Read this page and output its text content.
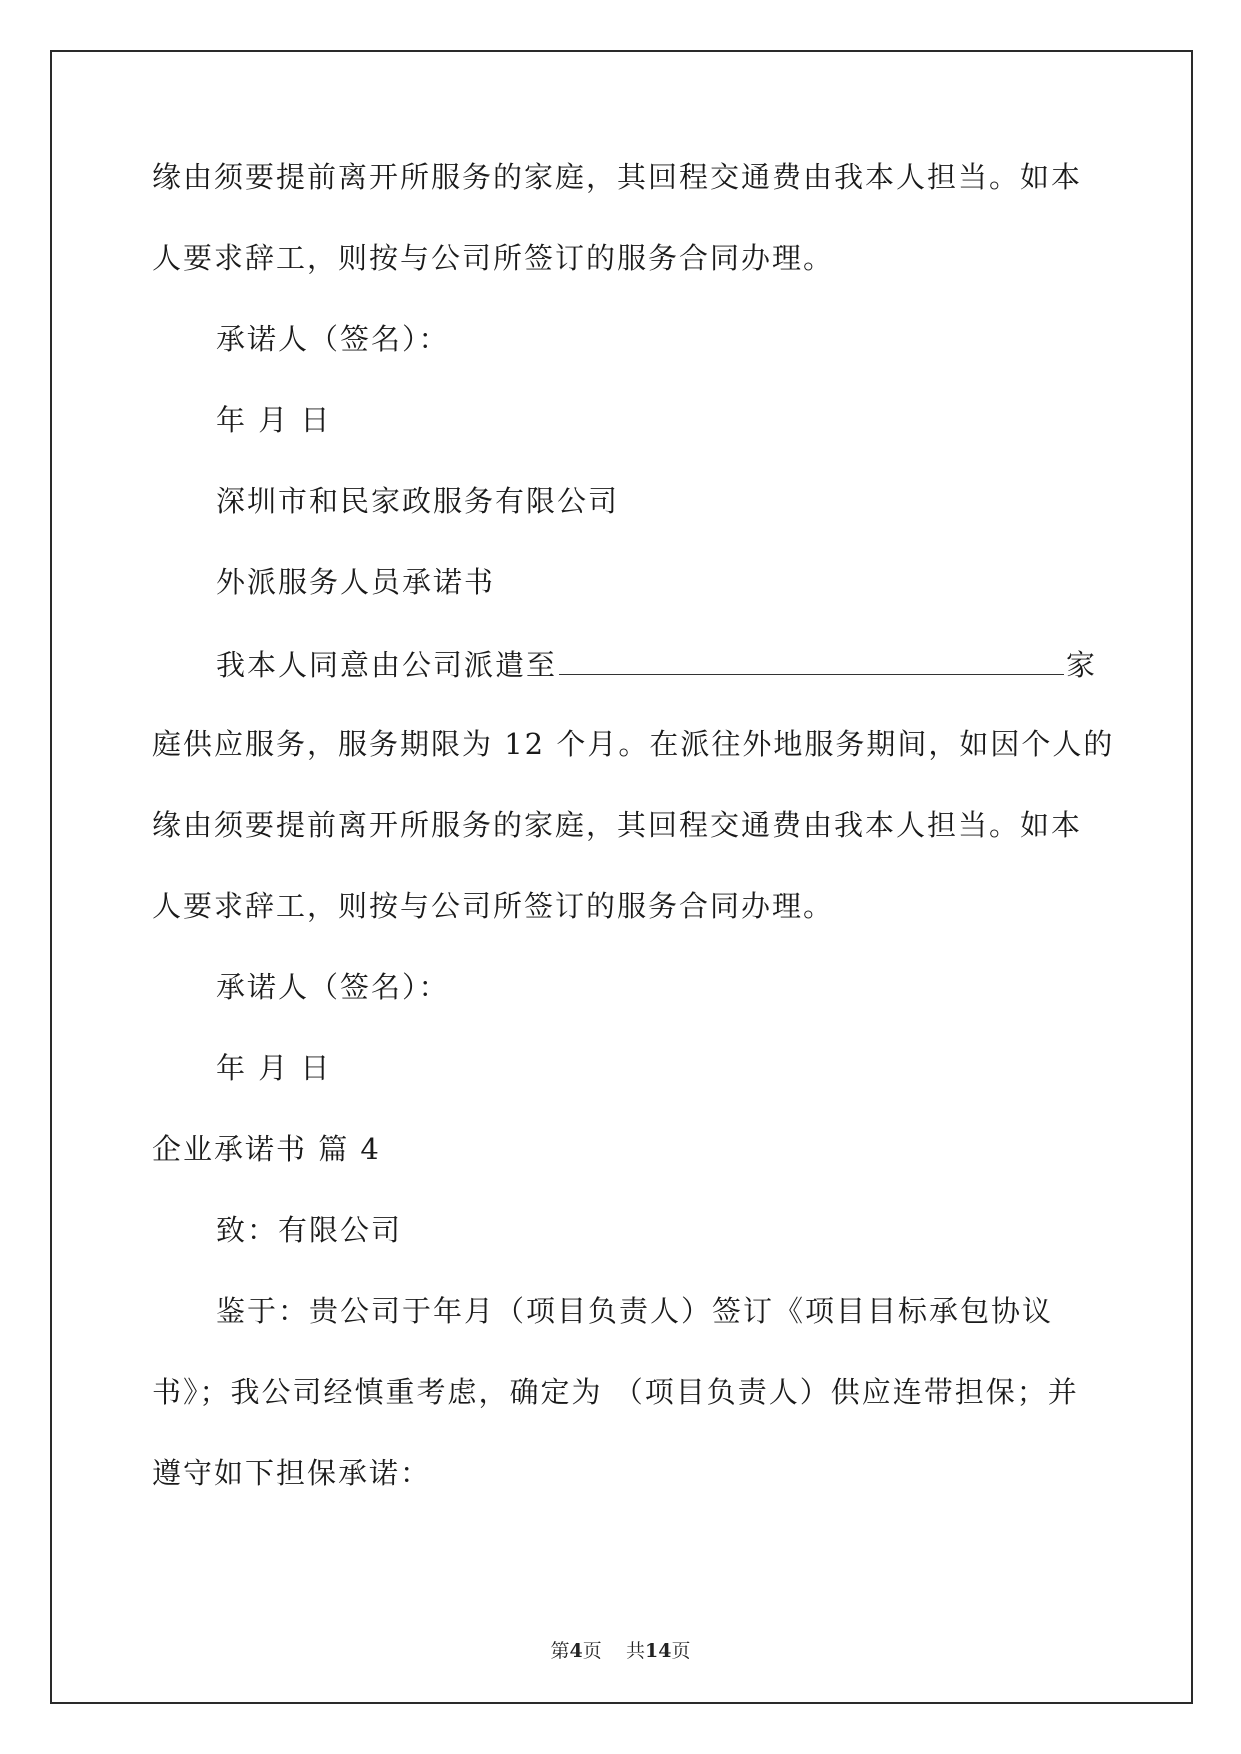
缘由须要提前离开所服务的家庭，其回程交通费由我本人担当。如本
人要求辞工，则按与公司所签订的服务合同办理。
承诺人（签名）：
年 月 日
深圳市和民家政服务有限公司
外派服务人员承诺书
我本人同意由公司派遣至	家
庭供应服务，服务期限为 12 个月。在派往外地服务期间，如因个人的
缘由须要提前离开所服务的家庭，其回程交通费由我本人担当。如本
人要求辞工，则按与公司所签订的服务合同办理。
承诺人（签名）：
年 月 日
企业承诺书 篇 4
致：有限公司
鉴于：贵公司于年月（项目负责人）签订《项目目标承包协议
书》；我公司经慎重考虑，确定为 （项目负责人）供应连带担保；并
遵守如下担保承诺：
第4页 共14页
